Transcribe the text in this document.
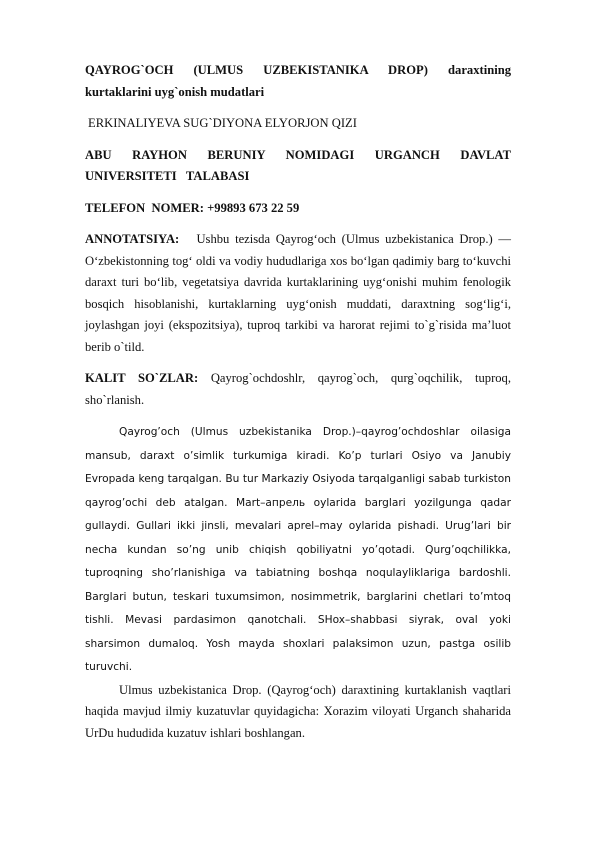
QAYROG`OCH (ULMUS UZBEKISTANIKA DROP) daraxtining

kurtaklarini uyg`onish mudatlari

ERKINALIYEVA SUG`DIYONA ELYORJON QIZI

ABU RAYHON BERUNIY NOMIDAGI URGANCH DAVLAT

UNIVERSITETI   TALABASI

TELEFON  NOMER: +99893 673 22 59

ANNOTATSIYA: Ushbu tezisda Qayrog‘och (Ulmus uzbekistanica Drop.) — O‘zbekistonning tog‘ oldi va vodiy hududlariga xos bo‘lgan qadimiy barg to‘kuvchi daraxt turi bo‘lib, vegetatsiya davrida kurtaklarining uyg‘onishi muhim fenologik bosqich hisoblanishi, kurtaklarning uyg‘onish muddati, daraxtning sog‘lig‘i, joylashgan joyi (ekspozitsiya), tuproq tarkibi va harorat rejimi to`g`risida ma’luot berib o`tild.

KALIT SO`ZLAR: Qayrog`ochdoshlr, qayrog`och, qurg`oqchilik, tuproq, sho`rlanish.

Qayrog’och (Ulmus uzbekistanika Drop.)–qayrog’ochdoshlar oilasiga mansub, daraxt o’simlik turkumiga kiradi. Ko’p turlari Osiyo va Janubiy Evropada keng tarqalgan. Bu tur Markaziy Osiyoda tarqalganligi sabab turkiston qayrog’ochi deb atalgan. Mart–апрель oylarida barglari yozilgunga qadar gullaydi. Gullari ikki jinsli, mevalari aprel–may oylarida pishadi. Urug’lari bir necha kundan so’ng unib chiqish qobiliyatni yo’qotadi. Qurg’oqchilikka, tuproqning sho’rlanishiga va tabiatning boshqa noqulayliklariga bardoshli. Barglari butun, teskari tuxumsimon, nosimmetrik, barglarini chetlari to’mtoq tishli. Mevasi pardasimon qanotchali. SHox–shabbasi siyrak, oval yoki sharsimon dumaloq. Yosh mayda shoxlari palaksimon uzun, pastga osilib turuvchi.

Ulmus uzbekistanica Drop. (Qayrog‘och) daraxtining kurtaklanish vaqtlari haqida mavjud ilmiy kuzatuvlar quyidagicha: Xorazim viloyati Urganch shaharida UrDu hududida kuzatuv ishlari boshlangan.
